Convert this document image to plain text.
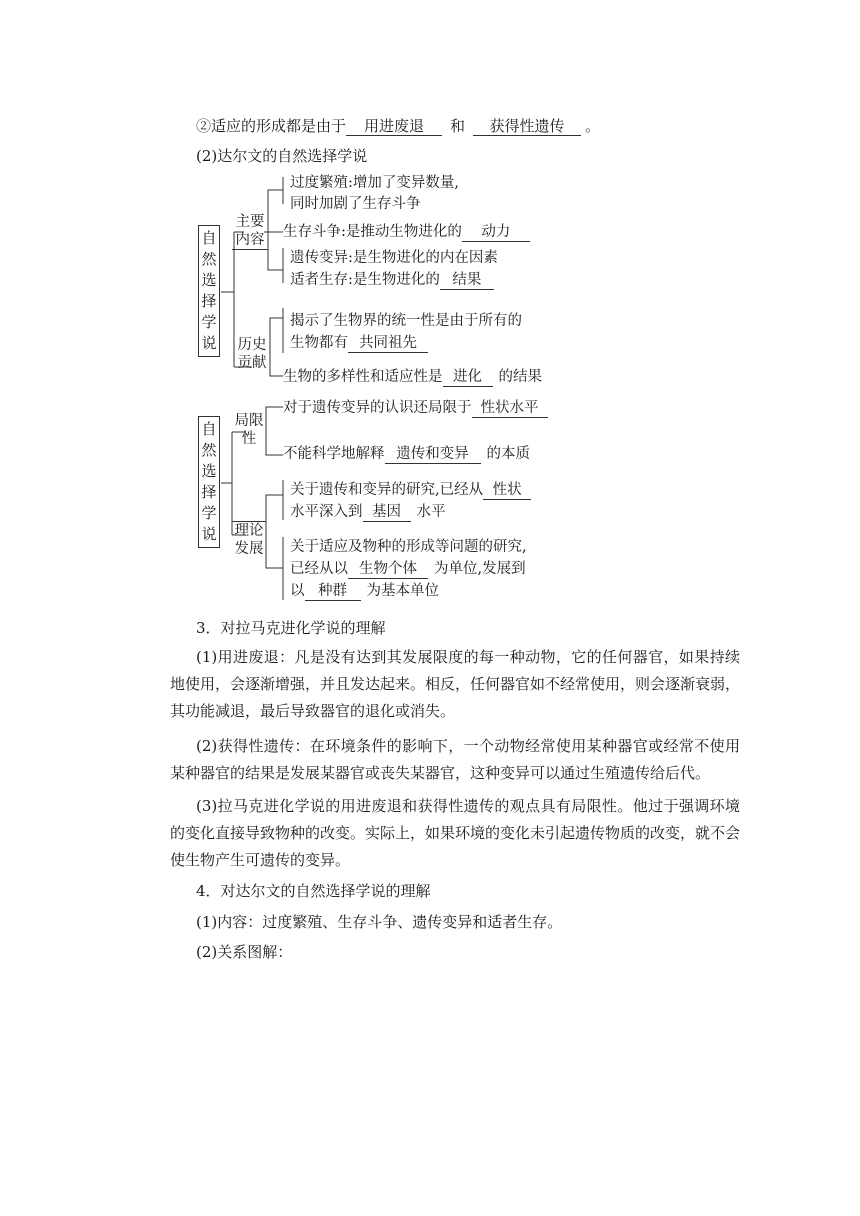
②适应的形成都是由于 用进废退 和 获得性遗传 。
(2)达尔文的自然选择学说
自
然
选
择
学
说
主要
内容
过度繁殖:增加了变异数量,
同时加剧了生存斗争
生存斗争:是推动生物进化的 动力
遗传变异:是生物进化的内在因素
适者生存:是生物进化的 结果
历史
贡献
揭示了生物界的统一性是由于所有的
生物都有 共同祖先
生物的多样性和适应性是 进化 的结果
自
然
选
择
学
说
局限
性
对于遗传变异的认识还局限于 性状水平
不能科学地解释 遗传和变异 的本质
理论
发展
关于遗传和变异的研究,已经从 性状
水平深入到 基因 水平
关于适应及物种的形成等问题的研究,
已经从以 生物个体 为单位,发展到
以 种群 为基本单位
3．对拉马克进化学说的理解
(1)用进废退：凡是没有达到其发展限度的每一种动物，它的任何器官，如果持续地使用，会逐渐增强，并且发达起来。相反，任何器官如不经常使用，则会逐渐衰弱，其功能减退，最后导致器官的退化或消失。
(2)获得性遗传：在环境条件的影响下，一个动物经常使用某种器官或经常不使用某种器官的结果是发展某器官或丧失某器官，这种变异可以通过生殖遗传给后代。
(3)拉马克进化学说的用进废退和获得性遗传的观点具有局限性。他过于强调环境的变化直接导致物种的改变。实际上，如果环境的变化未引起遗传物质的改变，就不会使生物产生可遗传的变异。
4．对达尔文的自然选择学说的理解
(1)内容：过度繁殖、生存斗争、遗传变异和适者生存。
(2)关系图解：
